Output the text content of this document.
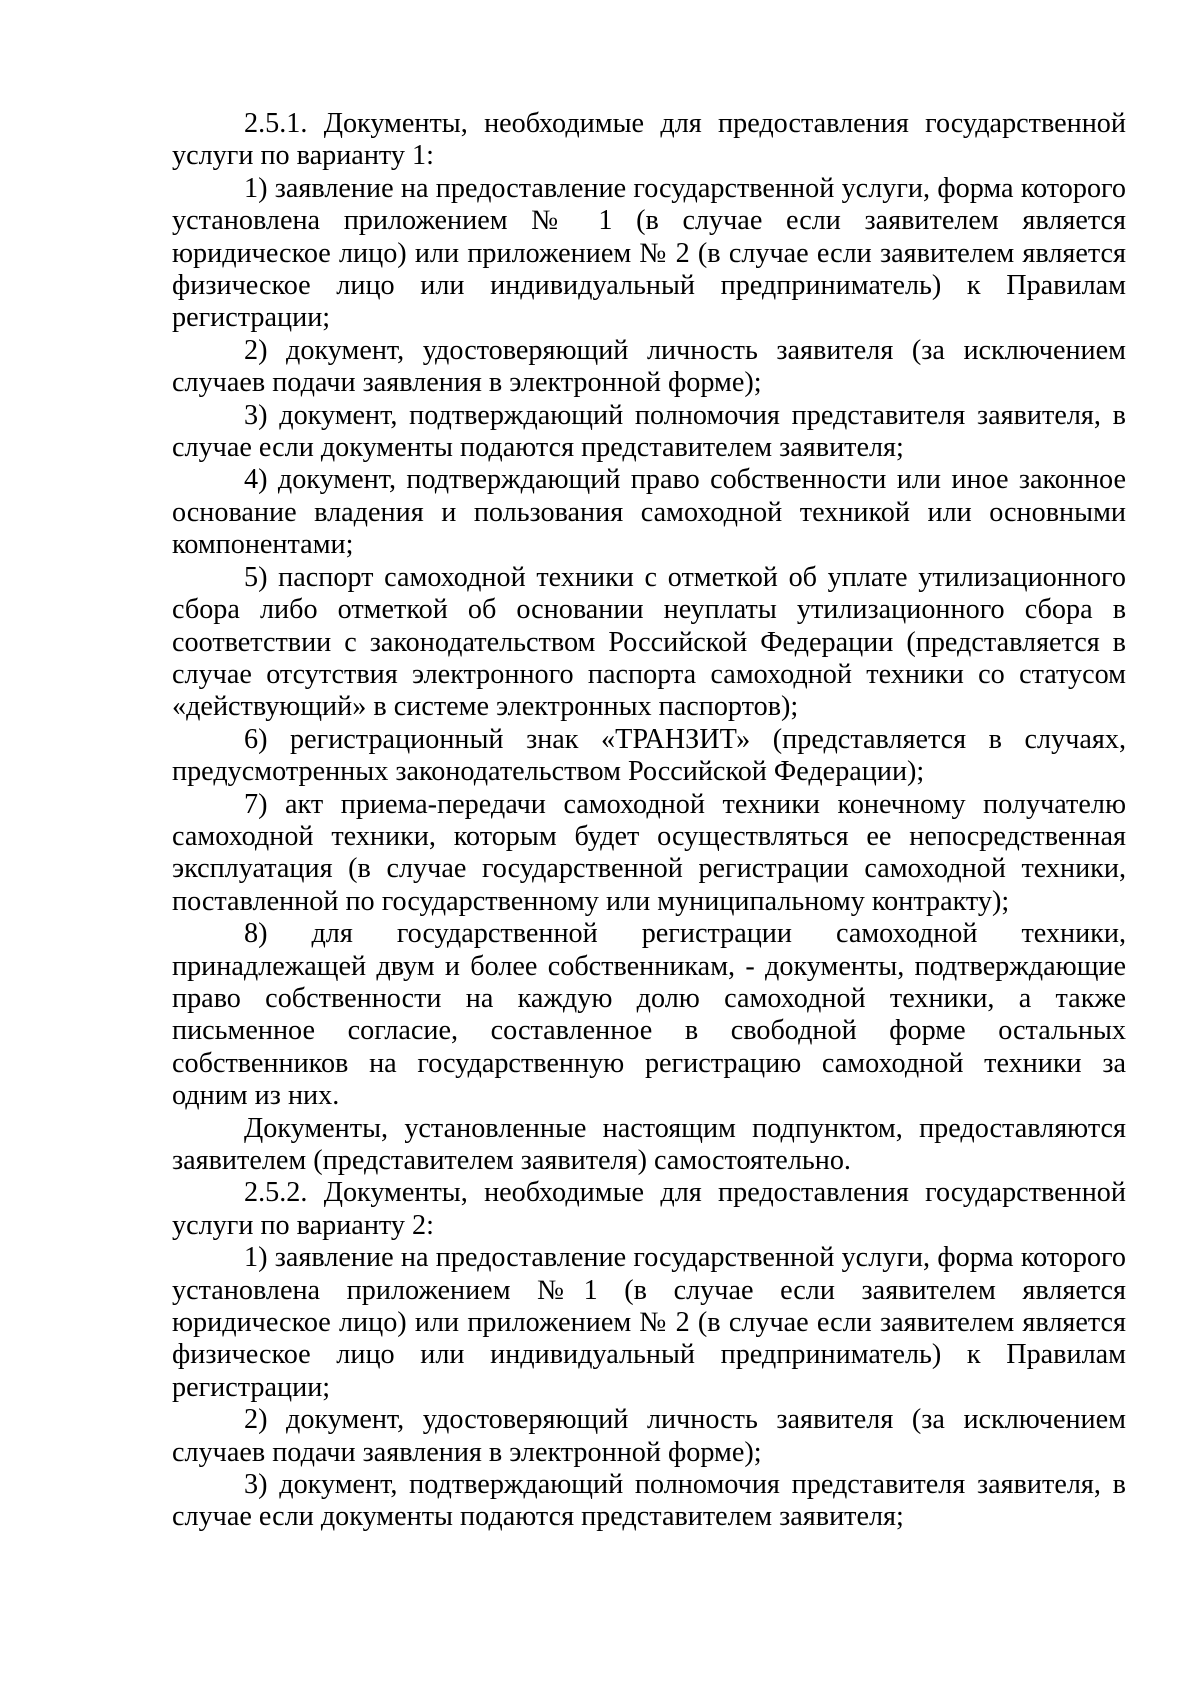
2.5.1. Документы, необходимые для предоставления государственной услуги по варианту 1:

1) заявление на предоставление государственной услуги, форма которого установлена приложением № 1 (в случае если заявителем является юридическое лицо) или приложением № 2 (в случае если заявителем является физическое лицо или индивидуальный предприниматель) к Правилам регистрации;

2) документ, удостоверяющий личность заявителя (за исключением случаев подачи заявления в электронной форме);

3) документ, подтверждающий полномочия представителя заявителя, в случае если документы подаются представителем заявителя;

4) документ, подтверждающий право собственности или иное законное основание владения и пользования самоходной техникой или основными компонентами;

5) паспорт самоходной техники с отметкой об уплате утилизационного сбора либо отметкой об основании неуплаты утилизационного сбора в соответствии с законодательством Российской Федерации (представляется в случае отсутствия электронного паспорта самоходной техники со статусом «действующий» в системе электронных паспортов);

6) регистрационный знак «ТРАНЗИТ» (представляется в случаях, предусмотренных законодательством Российской Федерации);

7) акт приема-передачи самоходной техники конечному получателю самоходной техники, которым будет осуществляться ее непосредственная эксплуатация (в случае государственной регистрации самоходной техники, поставленной по государственному или муниципальному контракту);

8) для государственной регистрации самоходной техники, принадлежащей двум и более собственникам, - документы, подтверждающие право собственности на каждую долю самоходной техники, а также письменное согласие, составленное в свободной форме остальных собственников на государственную регистрацию самоходной техники за одним из них.

Документы, установленные настоящим подпунктом, предоставляются заявителем (представителем заявителя) самостоятельно.

2.5.2. Документы, необходимые для предоставления государственной услуги по варианту 2:

1) заявление на предоставление государственной услуги, форма которого установлена приложением №1 (в случае если заявителем является юридическое лицо) или приложением № 2 (в случае если заявителем является физическое лицо или индивидуальный предприниматель) к Правилам регистрации;

2) документ, удостоверяющий личность заявителя (за исключением случаев подачи заявления в электронной форме);

3) документ, подтверждающий полномочия представителя заявителя, в случае если документы подаются представителем заявителя;
